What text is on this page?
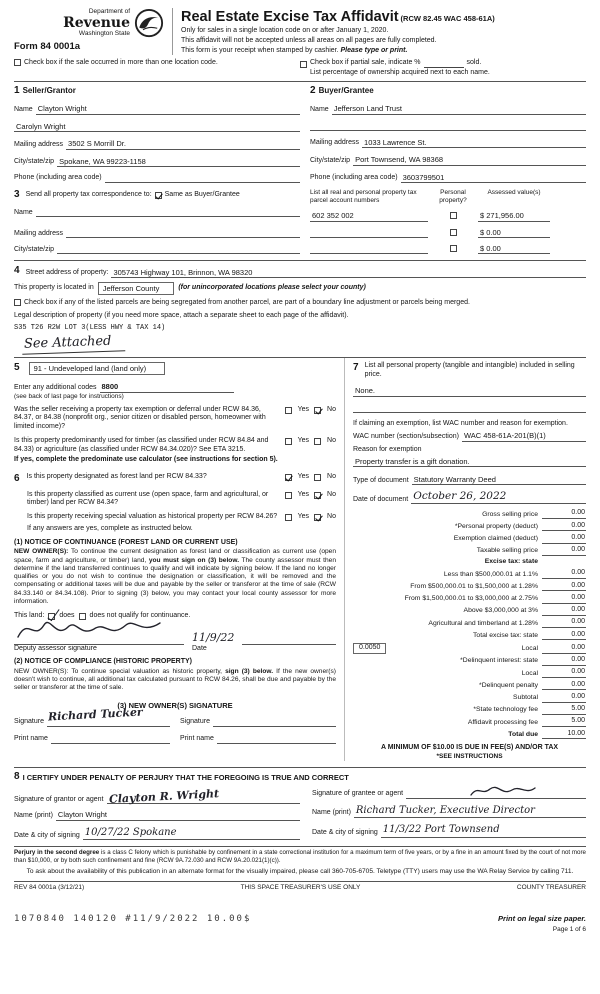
Department of
Revenue
Washington State
Form 84 0001a
Real Estate Excise Tax Affidavit (RCW 82.45 WAC 458-61A)
Only for sales in a single location code on or after January 1, 2020.
This affidavit will not be accepted unless all areas on all pages are fully completed.
This form is your receipt when stamped by cashier. Please type or print.
Check box if the sale occurred in more than one location code.	Check box if partial sale, indicate %	sold.
List percentage of ownership acquired next to each name.
1 Seller/Grantor
Name Clayton Wright
Carolyn Wright
Mailing address 3502 S Morrill Dr.
City/state/zip Spokane, WA 99223-1158
Phone (including area code)
2 Buyer/Grantee
Name Jefferson Land Trust
Mailing address 1033 Lawrence St.
City/state/zip Port Townsend, WA 98368
Phone (including area code) 3603799501
3 Send all property tax correspondence to: Same as Buyer/Grantee
Name
Mailing address
City/state/zip
List all real and personal property tax parcel account numbers
Personal property?
Assessed value(s)
602 352 002	$ 271,956.00
$ 0.00
$ 0.00
4 Street address of property: 305743 Highway 101, Brinnon, WA 98320
This property is located in	Jefferson County	(for unincorporated locations please select your county)
Check box if any of the listed parcels are being segregated from another parcel, are part of a boundary line adjustment or parcels being merged.
Legal description of property (if you need more space, attach a separate sheet to each page of the affidavit).
S35 T26 R2W LOT 3(LESS HWY & TAX 14)
See Attached
5	91 - Undeveloped land (land only)
Enter any additional codes 8800
(see back of last page for instructions)
Was the seller receiving a property tax exemption or deferral under RCW 84.36, 84.37, or 84.38 (nonprofit org., senior citizen or disabled person, homeowner with limited income)?
Yes	No
Is this property predominantly used for timber (as classified under RCW 84.84 and 84.33) or agriculture (as classified under RCW 84.34.020)? See ETA 3215.
Yes	No
If yes, complete the predominate use calculator (see instructions for section 5).
6 Is this property designated as forest land per RCW 84.33?	Yes	No
Is this property classified as current use (open space, farm and agricultural, or timber) land per RCW 84.34?
Yes	No
Is this property receiving special valuation as historical property per RCW 84.26?	Yes	No
If any answers are yes, complete as instructed below.
(1) NOTICE OF CONTINUANCE (FOREST LAND OR CURRENT USE)
NEW OWNER(S): To continue the current designation as forest land or classification as current use (open space, farm and agriculture, or timber) land, you must sign on (3) below. The county assessor must then determine if the land transferred continues to qualify and will indicate by signing below. If the land no longer qualifies or you do not wish to continue the designation or classification, it will be removed and the compensating or additional taxes will be due and payable by the seller or transferor at the time of sale (RCW 84.33.140 or 84.34.108). Prior to signing (3) below, you may contact your local county assessor for more information.
This land: does does not qualify for continuance.
11/9/22
Deputy assessor signature	Date
(2) NOTICE OF COMPLIANCE (HISTORIC PROPERTY)
NEW OWNER(S): To continue special valuation as historic property, sign (3) below. If the new owner(s) doesn't wish to continue, all additional tax calculated pursuant to RCW 84.26, shall be due and payable by the seller or transferor at the time of sale.
(3) NEW OWNER(S) SIGNATURE
Richard Tucker
Signature	Signature
Print name	Print name
7 List all personal property (tangible and intangible) included in selling price.
None.
If claiming an exemption, list WAC number and reason for exemption.
WAC number (section/subsection) WAC 458-61A-201(B)(1)
Reason for exemption
Property transfer is a gift donation.
Type of document Statutory Warranty Deed
Date of document October 26, 2022
Gross selling price	0.00
*Personal property (deduct)	0.00
Exemption claimed (deduct)	0.00
Taxable selling price	0.00
Excise tax: state
Less than $500,000.01 at 1.1%	0.00
From $500,000.01 to $1,500,000 at 1.28%	0.00
From $1,500,000.01 to $3,000,000 at 2.75%	0.00
Above $3,000,000 at 3%	0.00
Agricultural and timberland at 1.28%	0.00
Total excise tax: state	0.00
0.0050	Local	0.00
*Delinquent interest: state	0.00
Local	0.00
*Delinquent penalty	0.00
Subtotal	0.00
*State technology fee	5.00
Affidavit processing fee	5.00
Total due	10.00
A MINIMUM OF $10.00 IS DUE IN FEE(S) AND/OR TAX
*SEE INSTRUCTIONS
8 I CERTIFY UNDER PENALTY OF PERJURY THAT THE FOREGOING IS TRUE AND CORRECT
Signature of grantor or agent Clayton R. Wright
Name (print) Clayton Wright
Date & city of signing 10/27/22 Spokane
Signature of grantee or agent
Name (print) Richard Tucker, Executive Director
Date & city of signing 11/3/22 Port Townsend
Perjury in the second degree is a class C felony which is punishable by confinement in a state correctional institution for a maximum term of five years, or by a fine in an amount fixed by the court of not more than $10,000, or by both such confinement and fine (RCW 9A.72.030 and RCW 9A.20.021(1)(c)).
To ask about the availability of this publication in an alternate format for the visually impaired, please call 360-705-6705. Teletype (TTY) users may use the WA Relay Service by calling 711.
REV 84 0001a (3/12/21)	THIS SPACE TREASURER'S USE ONLY	COUNTY TREASURER
1070840 140120 #11/9/2022 10.00$	Print on legal size paper.
Page 1 of 6
